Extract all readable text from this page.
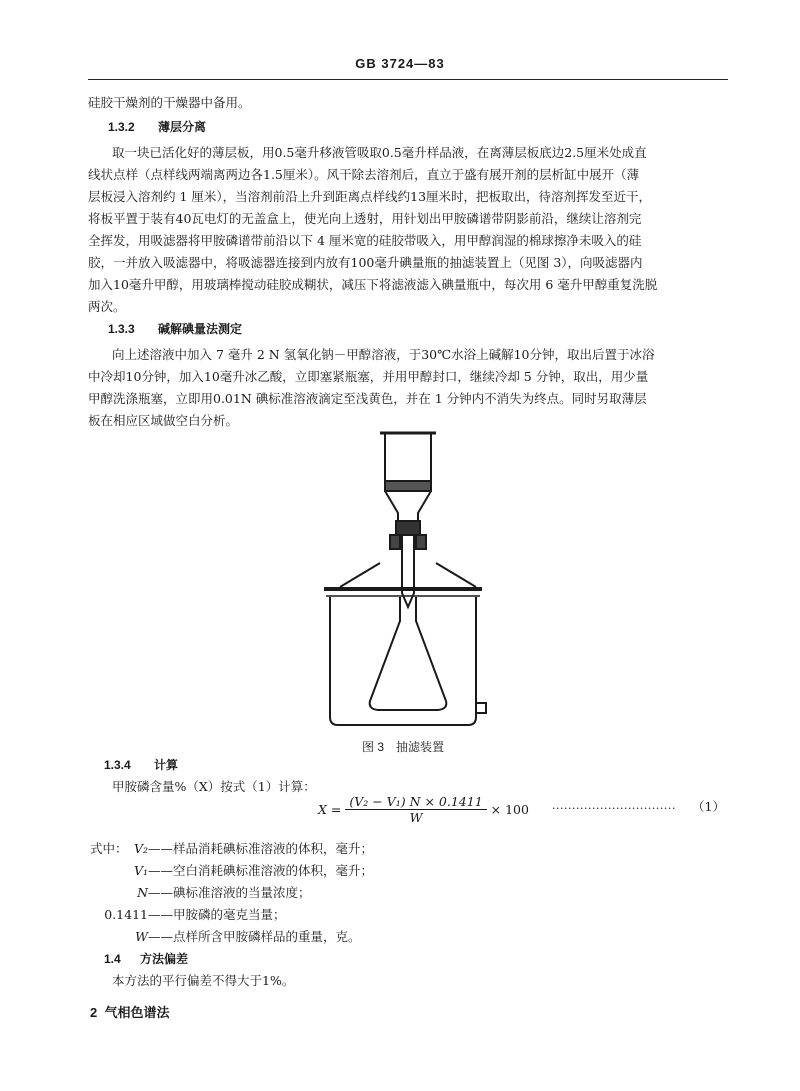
GB 3724—83
硅胶干燥剂的干燥器中备用。
1.3.2 薄层分离
取一块已活化好的薄层板，用0.5毫升移液管吸取0.5毫升样品液，在离薄层板底边2.5厘米处成直
线状点样（点样线两端离两边各1.5厘米）。风干除去溶剂后，直立于盛有展开剂的层析缸中展开（薄
层板浸入溶剂约 1 厘米），当溶剂前沿上升到距离点样线约13厘米时，把板取出，待溶剂挥发至近干，
将板平置于装有40瓦电灯的无盖盒上，使光向上透射，用针划出甲胺磷谱带阴影前沿，继续让溶剂完
全挥发，用吸滤器将甲胺磷谱带前沿以下 4 厘米宽的硅胶带吸入，用甲醇润湿的棉球擦净未吸入的硅
胶，一并放入吸滤器中，将吸滤器连接到内放有100毫升碘量瓶的抽滤装置上（见图 3），向吸滤器内
加入10毫升甲醇，用玻璃棒搅动硅胶成糊状，减压下将滤液滤入碘量瓶中，每次用 6 毫升甲醇重复洗脱
两次。
1.3.3 碱解碘量法测定
向上述溶液中加入 7 毫升 2 N 氢氧化钠－甲醇溶液，于30℃水浴上碱解10分钟，取出后置于冰浴
中冷却10分钟，加入10毫升冰乙酸，立即塞紧瓶塞，并用甲醇封口，继续冷却 5 分钟，取出，用少量
甲醇洗涤瓶塞，立即用0.01N 碘标准溶液滴定至浅黄色，并在 1 分钟内不消失为终点。同时另取薄层
板在相应区域做空白分析。
图 3　抽滤装置
1.3.4 计算
甲胺磷含量%（X）按式（1）计算：
$X = \frac{\text{(V₂ − V₁) N × 0.1411}}{W} \times 100$ ······························· （1）
式中： V₂——样品消耗碘标准溶液的体积，毫升；
V₁——空白消耗碘标准溶液的体积，毫升；
N——碘标准溶液的当量浓度；
0.1411——甲胺磷的毫克当量；
W——点样所含甲胺磷样品的重量，克。
1.4 方法偏差
本方法的平行偏差不得大于1%。
2 气相色谱法
